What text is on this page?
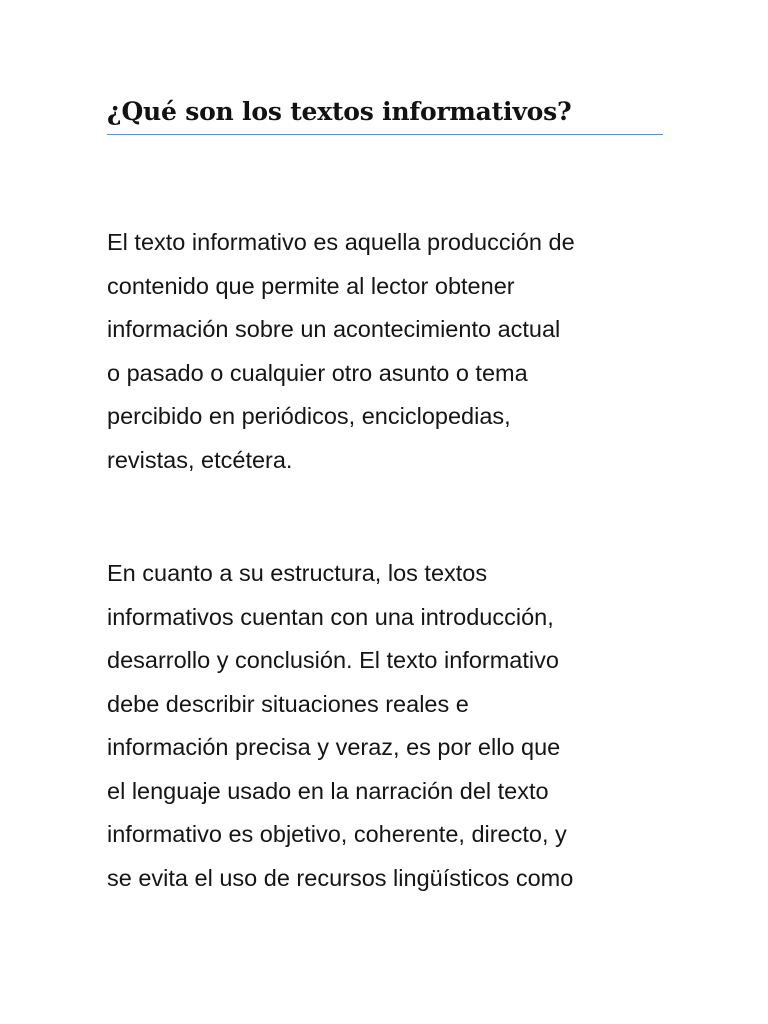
¿Qué son los textos informativos?

El texto informativo es aquella producción de
contenido que permite al lector obtener
información sobre un acontecimiento actual
o pasado o cualquier otro asunto o tema
percibido en periódicos, enciclopedias,
revistas, etcétera.

En cuanto a su estructura, los textos
informativos cuentan con una introducción,
desarrollo y conclusión. El texto informativo
debe describir situaciones reales e
información precisa y veraz, es por ello que
el lenguaje usado en la narración del texto
informativo es objetivo, coherente, directo, y
se evita el uso de recursos lingüísticos como
